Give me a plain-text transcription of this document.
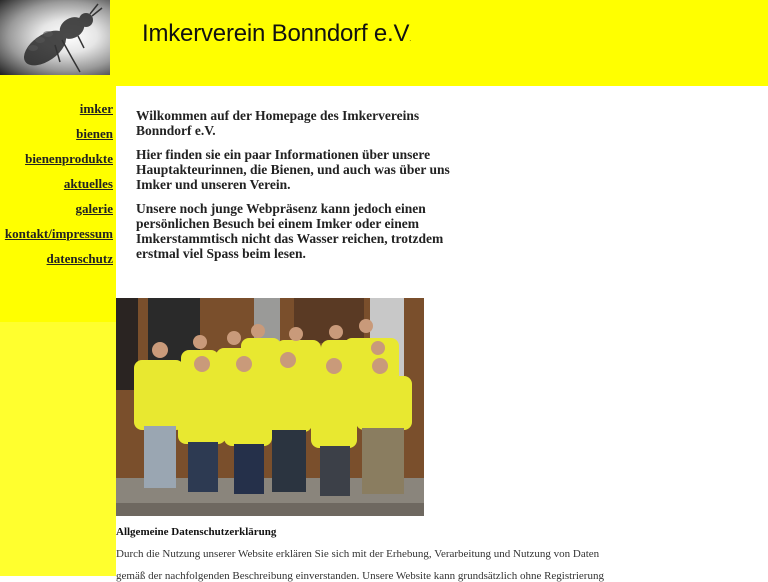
Imkerverein Bonndorf e.V.
imker
bienen
bienenprodukte
aktuelles
galerie
kontakt/impressum
datenschutz

Wilkommen auf der Homepage des Imkervereins Bonndorf e.V.

Hier finden sie ein paar Informationen über unsere Hauptakteurinnen, die Bienen, und auch was über uns Imker und unseren Verein.

Unsere noch junge Webpräsenz kann jedoch einen persönlichen Besuch bei einem Imker oder einem Imkerstammtisch nicht das Wasser reichen, trotzdem erstmal viel Spass beim lesen.

Allgemeine Datenschutzerklärung
Durch die Nutzung unserer Website erklären Sie sich mit der Erhebung, Verarbeitung und Nutzung von Daten
gemäß der nachfolgenden Beschreibung einverstanden. Unsere Website kann grundsätzlich ohne Registrierung
